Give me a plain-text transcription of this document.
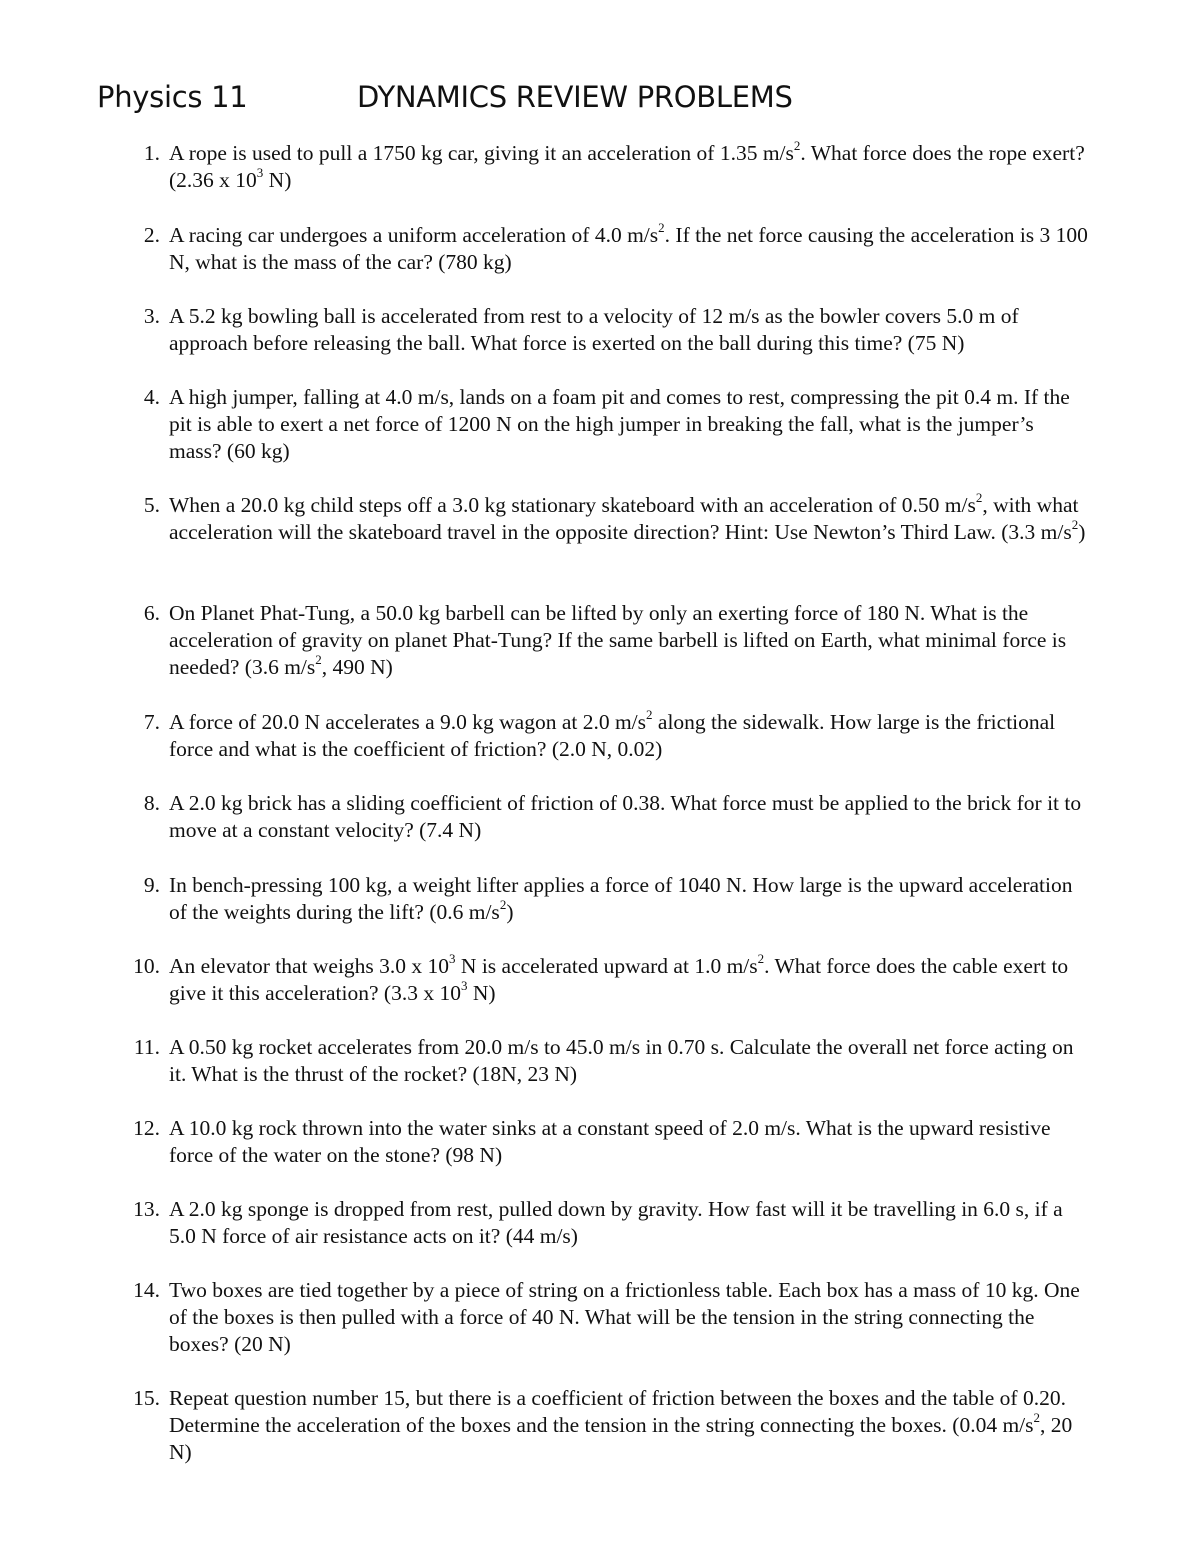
Physics 11	DYNAMICS REVIEW PROBLEMS
1. A rope is used to pull a 1750 kg car, giving it an acceleration of 1.35 $m/s^2$. What force does the rope exert? (2.36 x $10^3$ N)
2. A racing car undergoes a uniform acceleration of 4.0 $m/s^2$. If the net force causing the acceleration is 3 100 N, what is the mass of the car? (780 kg)
3. A 5.2 kg bowling ball is accelerated from rest to a velocity of 12 m/s as the bowler covers 5.0 m of approach before releasing the ball. What force is exerted on the ball during this time? (75 N)
4. A high jumper, falling at 4.0 m/s, lands on a foam pit and comes to rest, compressing the pit 0.4 m. If the pit is able to exert a net force of 1200 N on the high jumper in breaking the fall, what is the jumper’s mass? (60 kg)
5. When a 20.0 kg child steps off a 3.0 kg stationary skateboard with an acceleration of 0.50 $m/s^2$, with what acceleration will the skateboard travel in the opposite direction? Hint: Use Newton’s Third Law. (3.3 $m/s^2$)
6. On Planet Phat-Tung, a 50.0 kg barbell can be lifted by only an exerting force of 180 N. What is the acceleration of gravity on planet Phat-Tung? If the same barbell is lifted on Earth, what minimal force is needed? (3.6 $m/s^2$, 490 N)
7. A force of 20.0 N accelerates a 9.0 kg wagon at 2.0 $m/s^2$ along the sidewalk. How large is the frictional force and what is the coefficient of friction? (2.0 N, 0.02)
8. A 2.0 kg brick has a sliding coefficient of friction of 0.38. What force must be applied to the brick for it to move at a constant velocity? (7.4 N)
9. In bench-pressing 100 kg, a weight lifter applies a force of 1040 N. How large is the upward acceleration of the weights during the lift? (0.6 $m/s^2$)
10. An elevator that weighs 3.0 x $10^3$ N is accelerated upward at 1.0 $m/s^2$. What force does the cable exert to give it this acceleration? (3.3 x $10^3$ N)
11. A 0.50 kg rocket accelerates from 20.0 m/s to 45.0 m/s in 0.70 s. Calculate the overall net force acting on it. What is the thrust of the rocket? (18N, 23 N)
12. A 10.0 kg rock thrown into the water sinks at a constant speed of 2.0 m/s. What is the upward resistive force of the water on the stone? (98 N)
13. A 2.0 kg sponge is dropped from rest, pulled down by gravity. How fast will it be travelling in 6.0 s, if a 5.0 N force of air resistance acts on it? (44 m/s)
14. Two boxes are tied together by a piece of string on a frictionless table. Each box has a mass of 10 kg. One of the boxes is then pulled with a force of 40 N. What will be the tension in the string connecting the boxes? (20 N)
15. Repeat question number 15, but there is a coefficient of friction between the boxes and the table of 0.20. Determine the acceleration of the boxes and the tension in the string connecting the boxes. (0.04 $m/s^2$, 20 N)
